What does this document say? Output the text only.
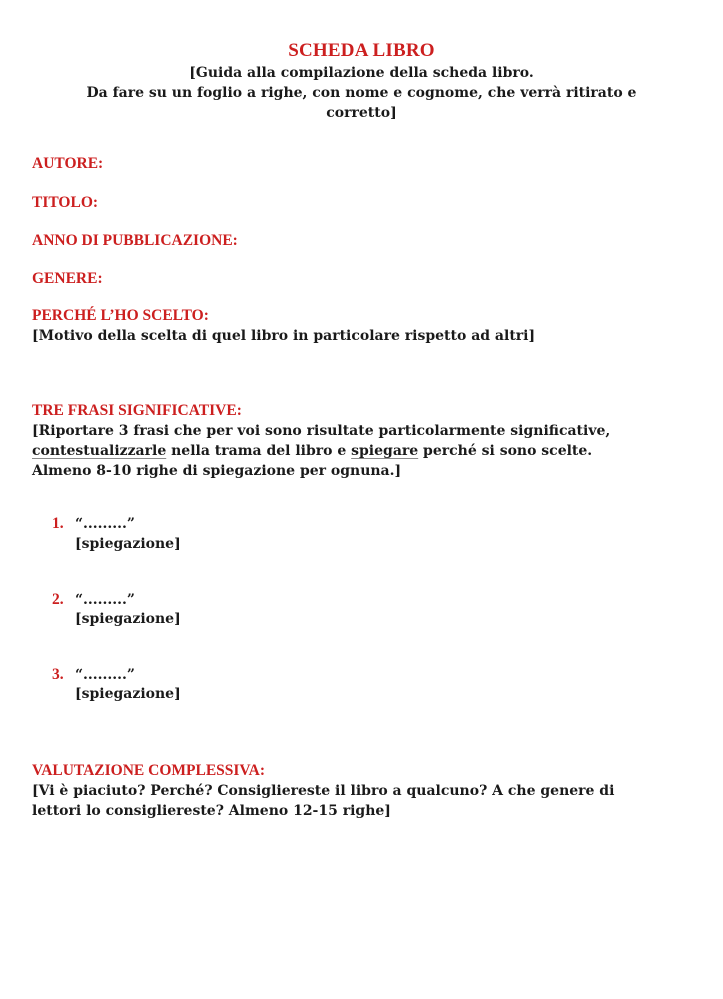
SCHEDA LIBRO
[Guida alla compilazione della scheda libro.
Da fare su un foglio a righe, con nome e cognome, che verrà ritirato e
corretto]
AUTORE:
TITOLO:
ANNO DI PUBBLICAZIONE:
GENERE:
PERCHÉ L’HO SCELTO:
[Motivo della scelta di quel libro in particolare rispetto ad altri]
TRE FRASI SIGNIFICATIVE:
[Riportare 3 frasi che per voi sono risultate particolarmente significative,
contestualizzarle nella trama del libro e spiegare perché si sono scelte.
Almeno 8-10 righe di spiegazione per ognuna.]
1. “.........”
[spiegazione]
2. “.........”
[spiegazione]
3. “.........”
[spiegazione]
VALUTAZIONE COMPLESSIVA:
[Vi è piaciuto? Perché? Consigliereste il libro a qualcuno? A che genere di
lettori lo consigliereste? Almeno 12-15 righe]
